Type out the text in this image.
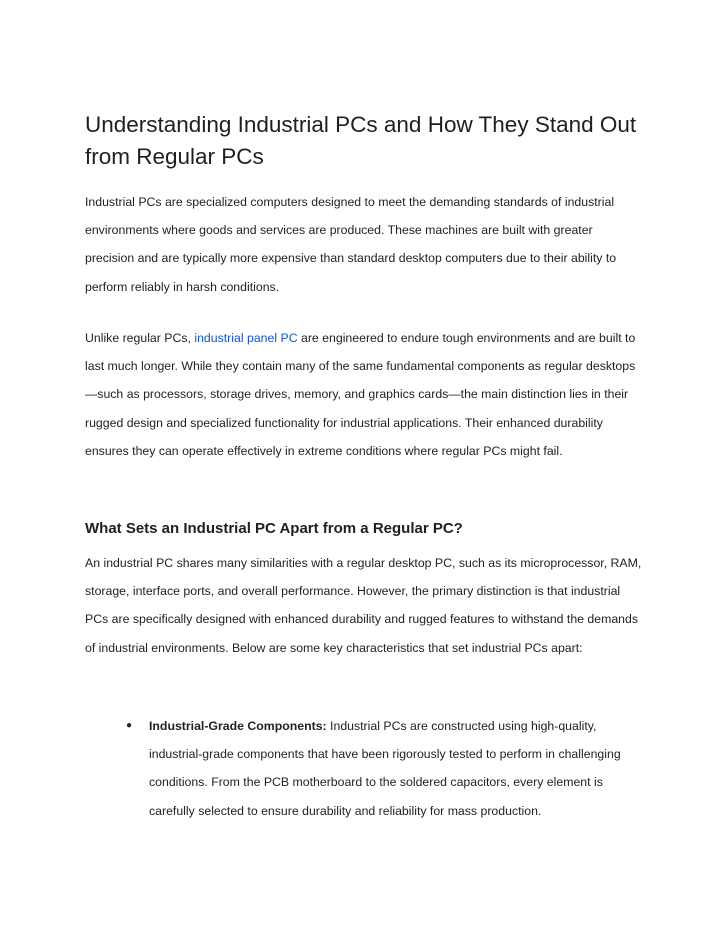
Understanding Industrial PCs and How They Stand Out from Regular PCs

Industrial PCs are specialized computers designed to meet the demanding standards of industrial environments where goods and services are produced. These machines are built with greater precision and are typically more expensive than standard desktop computers due to their ability to perform reliably in harsh conditions.

Unlike regular PCs, industrial panel PC are engineered to endure tough environments and are built to last much longer. While they contain many of the same fundamental components as regular desktops—such as processors, storage drives, memory, and graphics cards—the main distinction lies in their rugged design and specialized functionality for industrial applications. Their enhanced durability ensures they can operate effectively in extreme conditions where regular PCs might fail.

What Sets an Industrial PC Apart from a Regular PC?

An industrial PC shares many similarities with a regular desktop PC, such as its microprocessor, RAM, storage, interface ports, and overall performance. However, the primary distinction is that industrial PCs are specifically designed with enhanced durability and rugged features to withstand the demands of industrial environments. Below are some key characteristics that set industrial PCs apart:

● Industrial-Grade Components: Industrial PCs are constructed using high-quality, industrial-grade components that have been rigorously tested to perform in challenging conditions. From the PCB motherboard to the soldered capacitors, every element is carefully selected to ensure durability and reliability for mass production.
